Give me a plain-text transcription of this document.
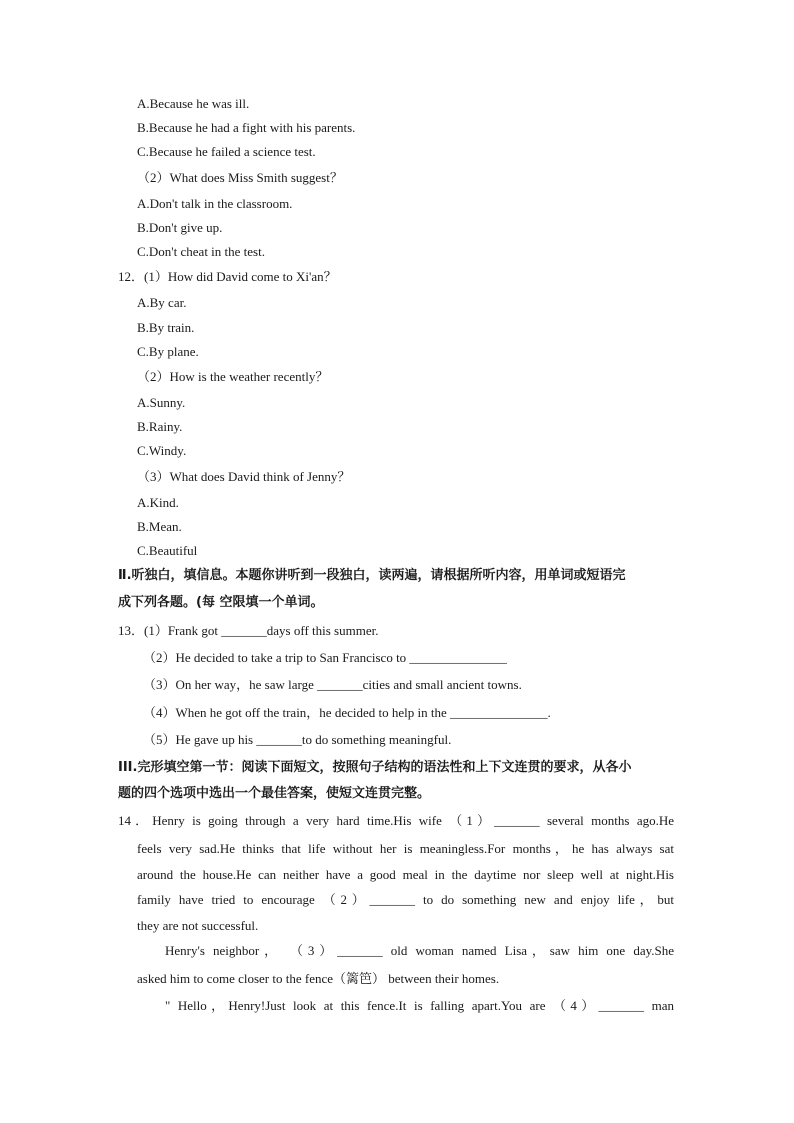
A.Because he was ill.
B.Because he had a fight with his parents.
C.Because he failed a science test.
（2）What does Miss Smith suggest？
A.Don't talk in the classroom.
B.Don't give up.
C.Don't cheat in the test.
12．(1）How did David come to Xi'an？
A.By car.
B.By train.
C.By plane.
（2）How is the weather recently？
A.Sunny.
B.Rainy.
C.Windy.
（3）What does David think of Jenny？
A.Kind.
B.Mean.
C.Beautiful
Ⅱ.听独白，填信息。本题你讲听到一段独白，读两遍，请根据所听内容，用单词或短语完
成下列各题。(每 空限填一个单词。
13．(1）Frank got _______days off this summer.
（2）He decided to take a trip to San Francisco to _______________
（3）On her way，he saw large _______cities and small ancient towns.
（4）When he got off the train，he decided to help in the _______________.
（5）He gave up his _______to do something meaningful.
III.完形填空第一节：阅读下面短文，按照句子结构的语法性和上下文连贯的要求，从各小
题的四个选项中选出一个最佳答案，使短文连贯完整。
14．Henry is going through a very hard time.His wife （1）_______ several months ago.He
feels very sad.He thinks that life without her is meaningless.For months，he has always sat
around the house.He can neither have a good meal in the daytime nor sleep well at night.His
family have tried to encourage （2）_______ to do something new and enjoy life，but
they are not successful.
Henry's neighbor， （3）_______ old woman named Lisa，saw him one day.She
asked him to come closer to the fence（篱笆） between their homes.
" Hello，Henry!Just look at this fence.It is falling apart.You are （4）_______ man
